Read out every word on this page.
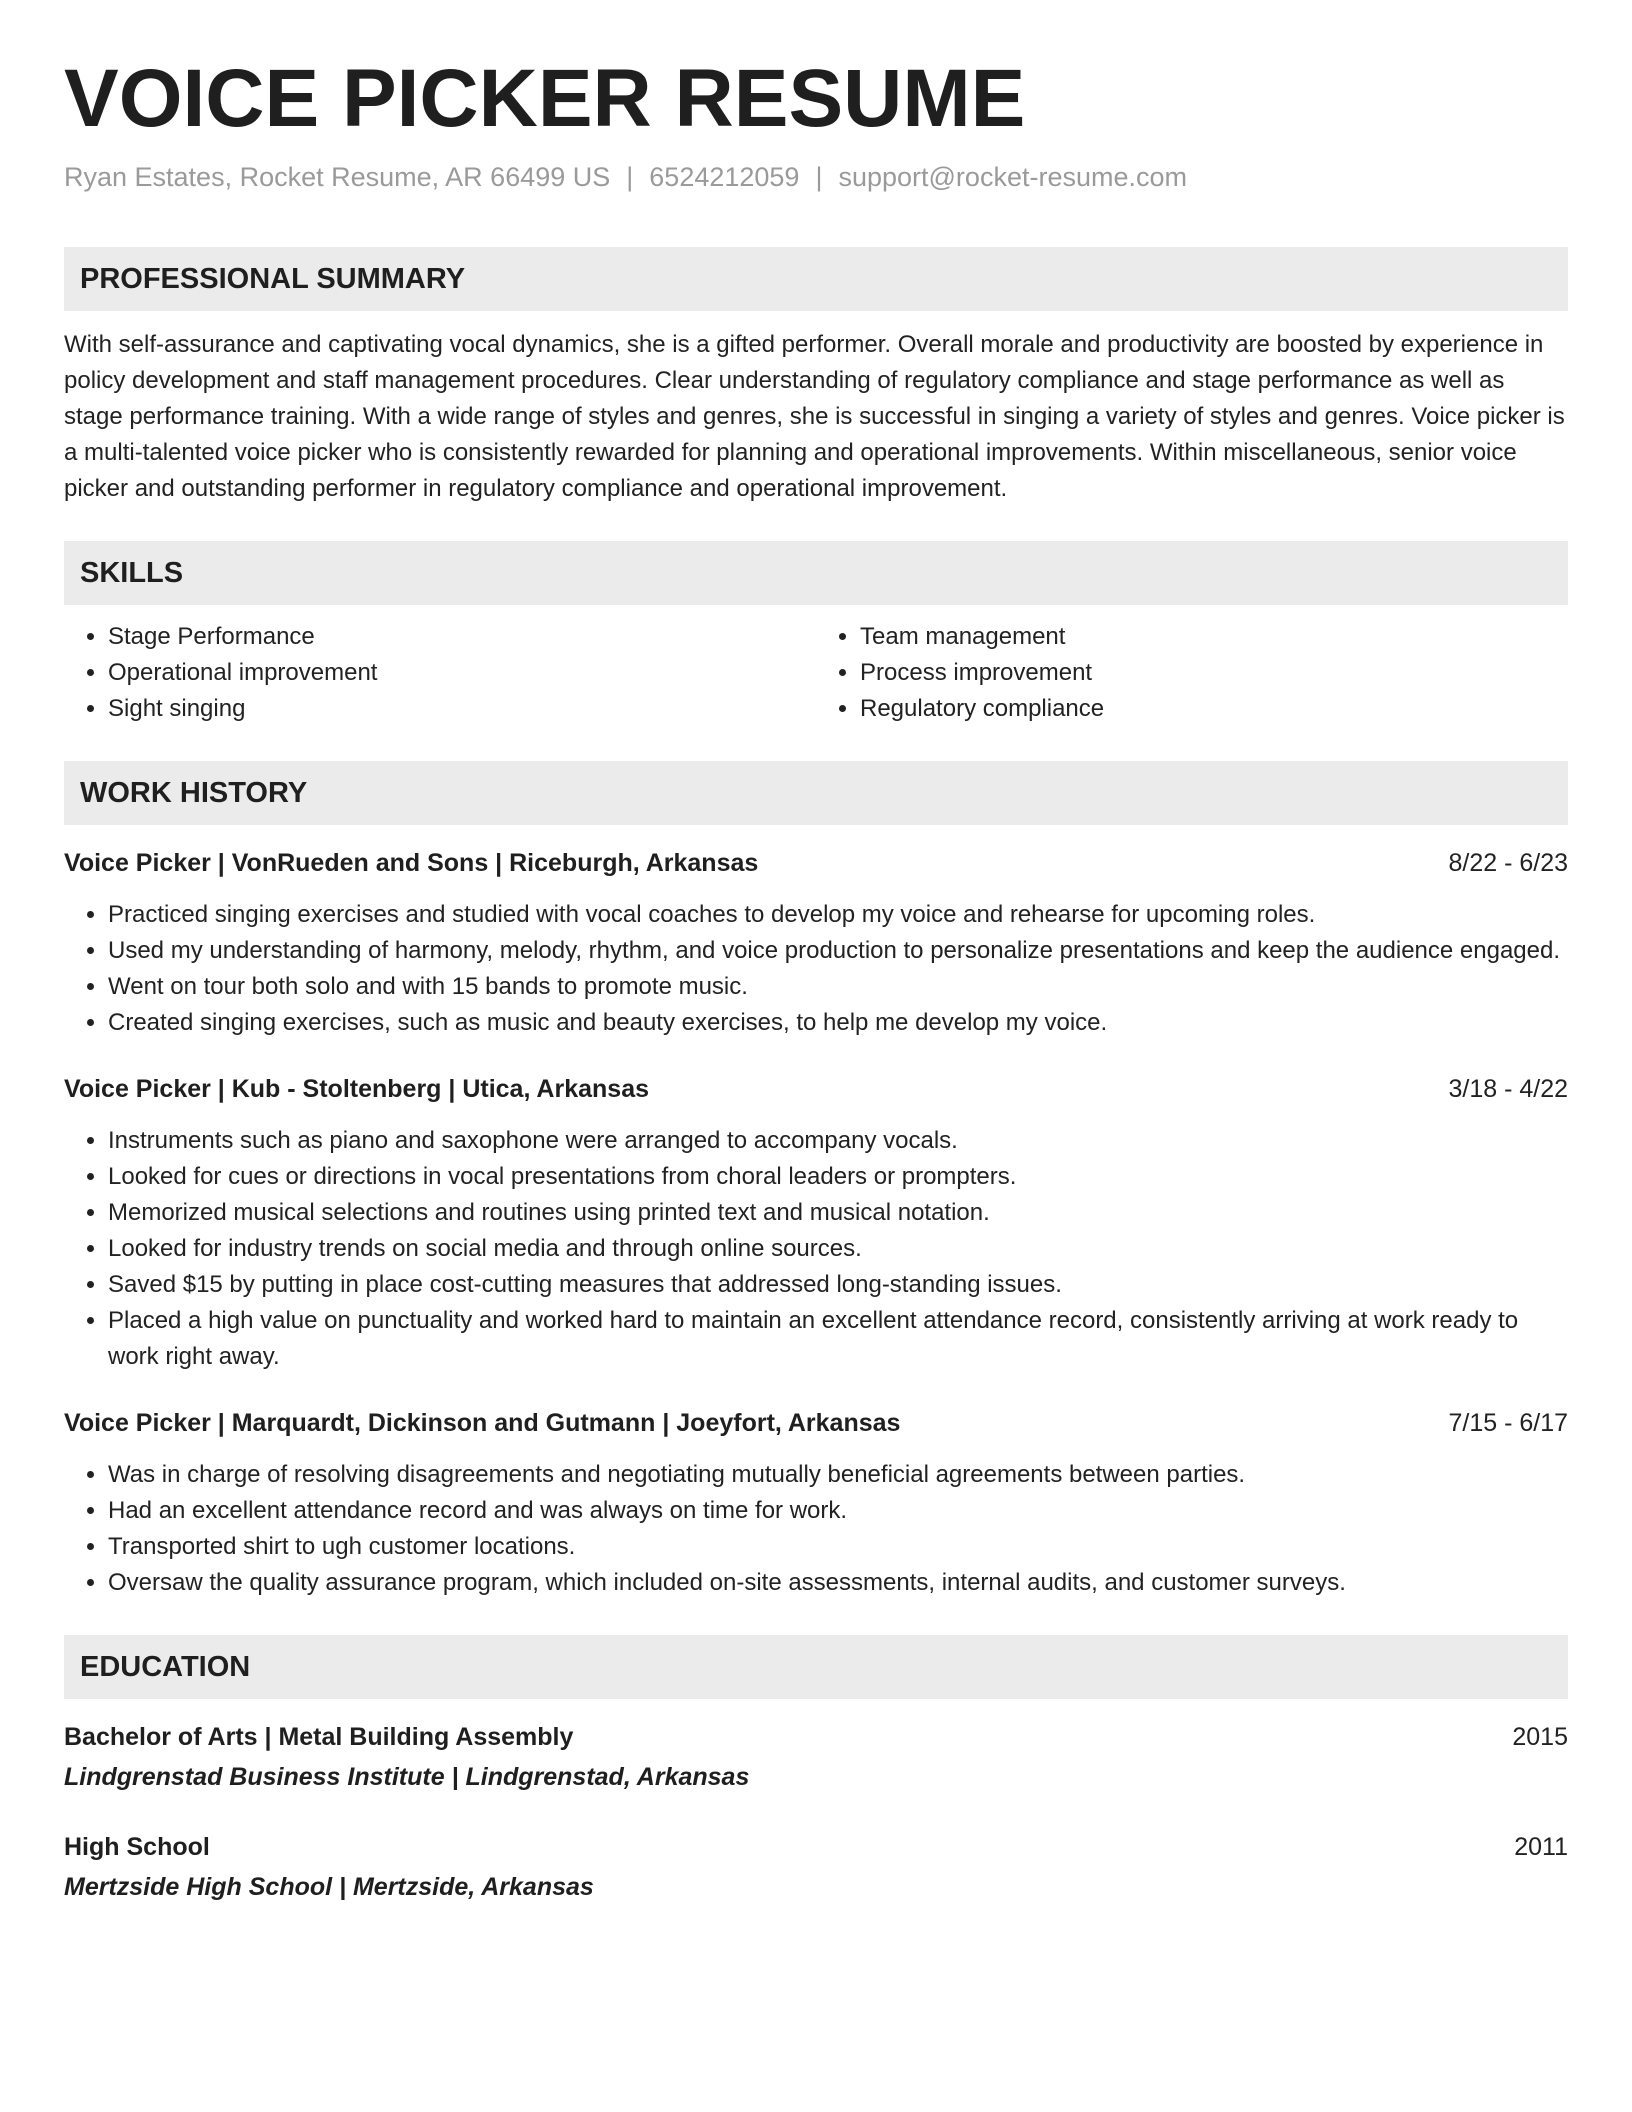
VOICE PICKER RESUME
Ryan Estates, Rocket Resume, AR 66499 US | 6524212059 | support@rocket-resume.com
PROFESSIONAL SUMMARY
With self-assurance and captivating vocal dynamics, she is a gifted performer. Overall morale and productivity are boosted by experience in policy development and staff management procedures. Clear understanding of regulatory compliance and stage performance as well as stage performance training. With a wide range of styles and genres, she is successful in singing a variety of styles and genres. Voice picker is a multi-talented voice picker who is consistently rewarded for planning and operational improvements. Within miscellaneous, senior voice picker and outstanding performer in regulatory compliance and operational improvement.
SKILLS
• Stage Performance
• Operational improvement
• Sight singing
• Team management
• Process improvement
• Regulatory compliance
WORK HISTORY
Voice Picker | VonRueden and Sons | Riceburgh, Arkansas	8/22 - 6/23
• Practiced singing exercises and studied with vocal coaches to develop my voice and rehearse for upcoming roles.
• Used my understanding of harmony, melody, rhythm, and voice production to personalize presentations and keep the audience engaged.
• Went on tour both solo and with 15 bands to promote music.
• Created singing exercises, such as music and beauty exercises, to help me develop my voice.
Voice Picker | Kub - Stoltenberg | Utica, Arkansas	3/18 - 4/22
• Instruments such as piano and saxophone were arranged to accompany vocals.
• Looked for cues or directions in vocal presentations from choral leaders or prompters.
• Memorized musical selections and routines using printed text and musical notation.
• Looked for industry trends on social media and through online sources.
• Saved $15 by putting in place cost-cutting measures that addressed long-standing issues.
• Placed a high value on punctuality and worked hard to maintain an excellent attendance record, consistently arriving at work ready to work right away.
Voice Picker | Marquardt, Dickinson and Gutmann | Joeyfort, Arkansas	7/15 - 6/17
• Was in charge of resolving disagreements and negotiating mutually beneficial agreements between parties.
• Had an excellent attendance record and was always on time for work.
• Transported shirt to ugh customer locations.
• Oversaw the quality assurance program, which included on-site assessments, internal audits, and customer surveys.
EDUCATION
Bachelor of Arts | Metal Building Assembly	2015
Lindgrenstad Business Institute | Lindgrenstad, Arkansas
High School	2011
Mertzside High School | Mertzside, Arkansas
